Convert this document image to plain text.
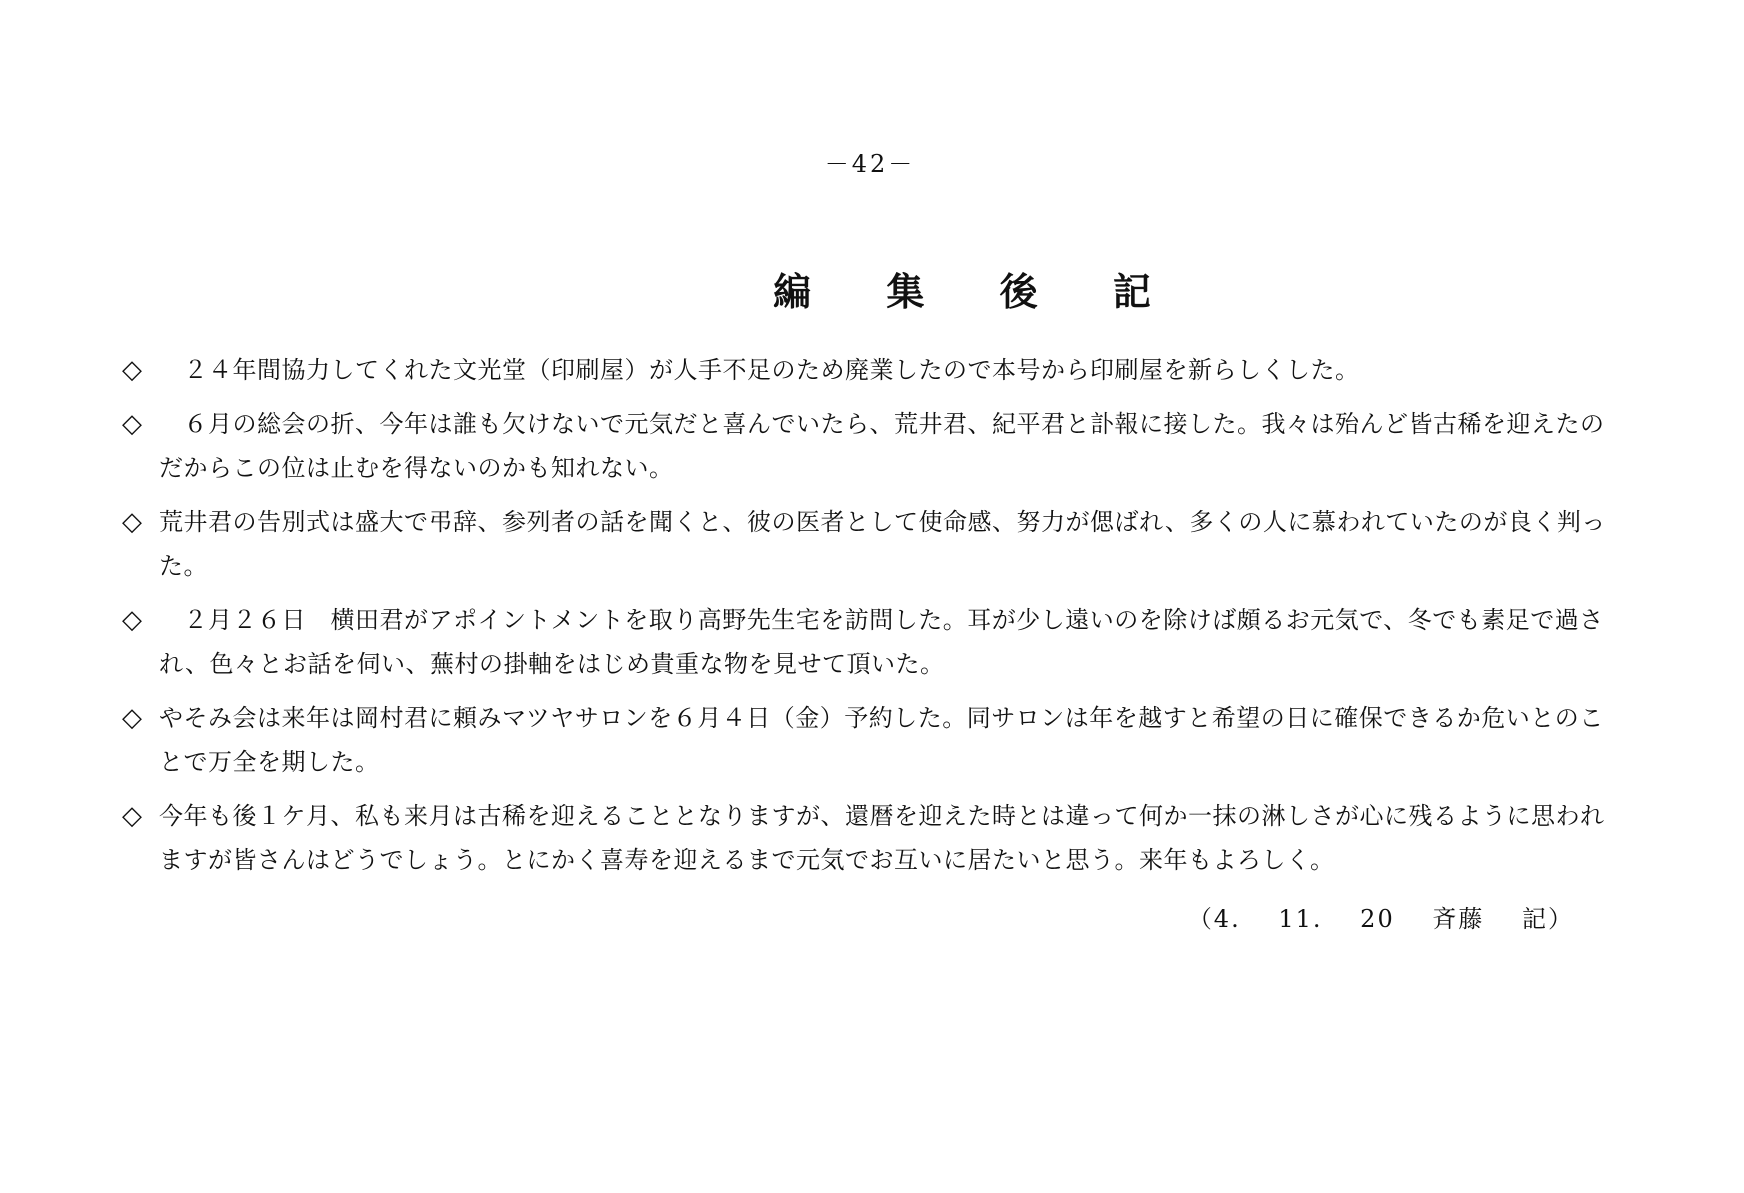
－42－
編 集 後 記
◇ 　２４年間協力してくれた文光堂（印刷屋）が人手不足のため廃業したので本号から印刷屋を新らしくした。
◇ 　６月の総会の折、今年は誰も欠けないで元気だと喜んでいたら、荒井君、紀平君と訃報に接した。我々は殆んど皆古稀を迎えたのだからこの位は止むを得ないのかも知れない。
◇ 荒井君の告別式は盛大で弔辞、参列者の話を聞くと、彼の医者として使命感、努力が偲ばれ、多くの人に慕われていたのが良く判った。
◇ 　２月２６日　横田君がアポイントメントを取り高野先生宅を訪問した。耳が少し遠いのを除けば頗るお元気で、冬でも素足で過され、色々とお話を伺い、蕪村の掛軸をはじめ貴重な物を見せて頂いた。
◇ やそみ会は来年は岡村君に頼みマツヤサロンを６月４日（金）予約した。同サロンは年を越すと希望の日に確保できるか危いとのことで万全を期した。
◇ 今年も後１ケ月、私も来月は古稀を迎えることとなりますが、還暦を迎えた時とは違って何か一抹の淋しさが心に残るように思われますが皆さんはどうでしょう。とにかく喜寿を迎えるまで元気でお互いに居たいと思う。来年もよろしく。
（4. 11. 20 斉藤 記）
